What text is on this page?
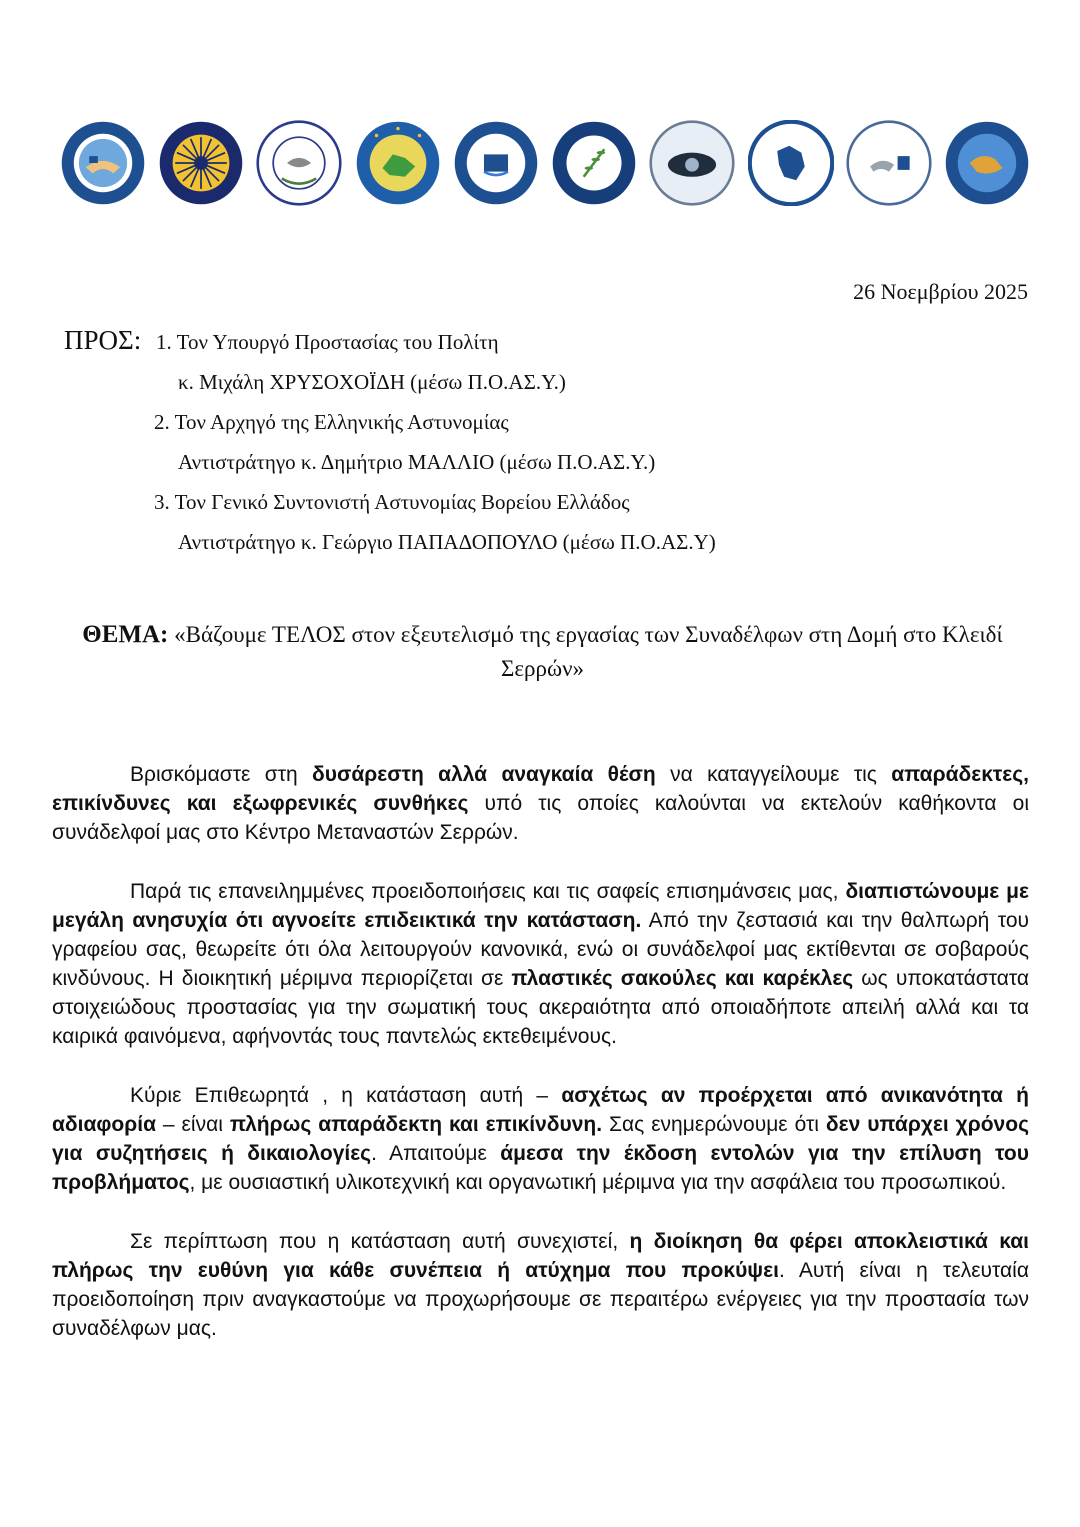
26 Νοεμβρίου 2025
ΠΡΟΣ: 1. Τον Υπουργό Προστασίας του Πολίτη
κ. Μιχάλη ΧΡΥΣΟΧΟΪΔΗ (μέσω Π.Ο.ΑΣ.Υ.)
2. Τον Αρχηγό της Ελληνικής Αστυνομίας
Αντιστράτηγο κ. Δημήτριο ΜΑΛΛΙΟ (μέσω Π.Ο.ΑΣ.Υ.)
3. Τον Γενικό Συντονιστή Αστυνομίας Βορείου Ελλάδος
Αντιστράτηγο κ. Γεώργιο ΠΑΠΑΔΟΠΟΥΛΟ (μέσω Π.Ο.ΑΣ.Υ)
ΘΕΜΑ: «Βάζουμε ΤΕΛΟΣ στον εξευτελισμό της εργασίας των Συναδέλφων στη Δομή στο Κλειδί Σερρών»

Βρισκόμαστε στη δυσάρεστη αλλά αναγκαία θέση να καταγγείλουμε τις απαράδεκτες, επικίνδυνες και εξωφρενικές συνθήκες υπό τις οποίες καλούνται να εκτελούν καθήκοντα οι συνάδελφοί μας στο Κέντρο Μεταναστών Σερρών.

Παρά τις επανειλημμένες προειδοποιήσεις και τις σαφείς επισημάνσεις μας, διαπιστώνουμε με μεγάλη ανησυχία ότι αγνοείτε επιδεικτικά την κατάσταση. Από την ζεστασιά και την θαλπωρή του γραφείου σας, θεωρείτε ότι όλα λειτουργούν κανονικά, ενώ οι συνάδελφοί μας εκτίθενται σε σοβαρούς κινδύνους. Η διοικητική μέριμνα περιορίζεται σε πλαστικές σακούλες και καρέκλες ως υποκατάστατα στοιχειώδους προστασίας για την σωματική τους ακεραιότητα από οποιαδήποτε απειλή αλλά και τα καιρικά φαινόμενα, αφήνοντάς τους παντελώς εκτεθειμένους.

Κύριε Επιθεωρητά , η κατάσταση αυτή – ασχέτως αν προέρχεται από ανικανότητα ή αδιαφορία – είναι πλήρως απαράδεκτη και επικίνδυνη. Σας ενημερώνουμε ότι δεν υπάρχει χρόνος για συζητήσεις ή δικαιολογίες. Απαιτούμε άμεσα την έκδοση εντολών για την επίλυση του προβλήματος, με ουσιαστική υλικοτεχνική και οργανωτική μέριμνα για την ασφάλεια του προσωπικού.

Σε περίπτωση που η κατάσταση αυτή συνεχιστεί, η διοίκηση θα φέρει αποκλειστικά και πλήρως την ευθύνη για κάθε συνέπεια ή ατύχημα που προκύψει. Αυτή είναι η τελευταία προειδοποίηση πριν αναγκαστούμε να προχωρήσουμε σε περαιτέρω ενέργειες για την προστασία των συναδέλφων μας.
